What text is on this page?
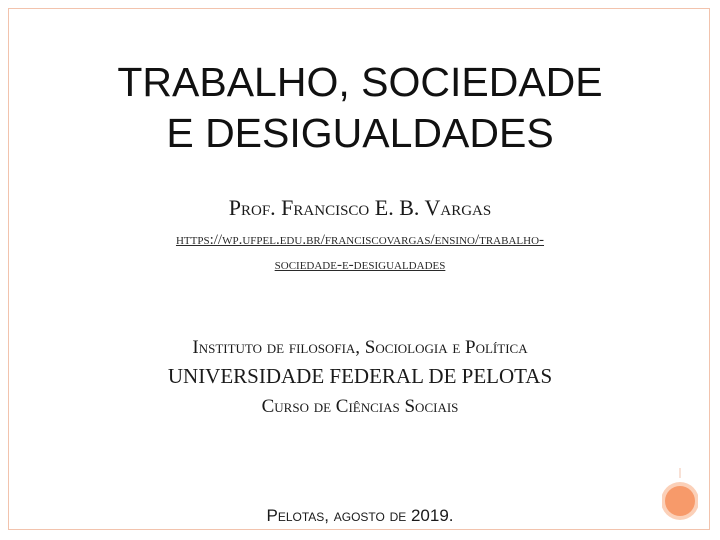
TRABALHO, SOCIEDADE
E DESIGUALDADES
Prof. Francisco E. B. Vargas
https://wp.ufpel.edu.br/franciscovargas/ensino/trabalho-
sociedade-e-desigualdades
Instituto de filosofia, Sociologia e Política
UNIVERSIDADE FEDERAL DE PELOTAS
Curso de Ciências Sociais
Pelotas, agosto de 2019.
